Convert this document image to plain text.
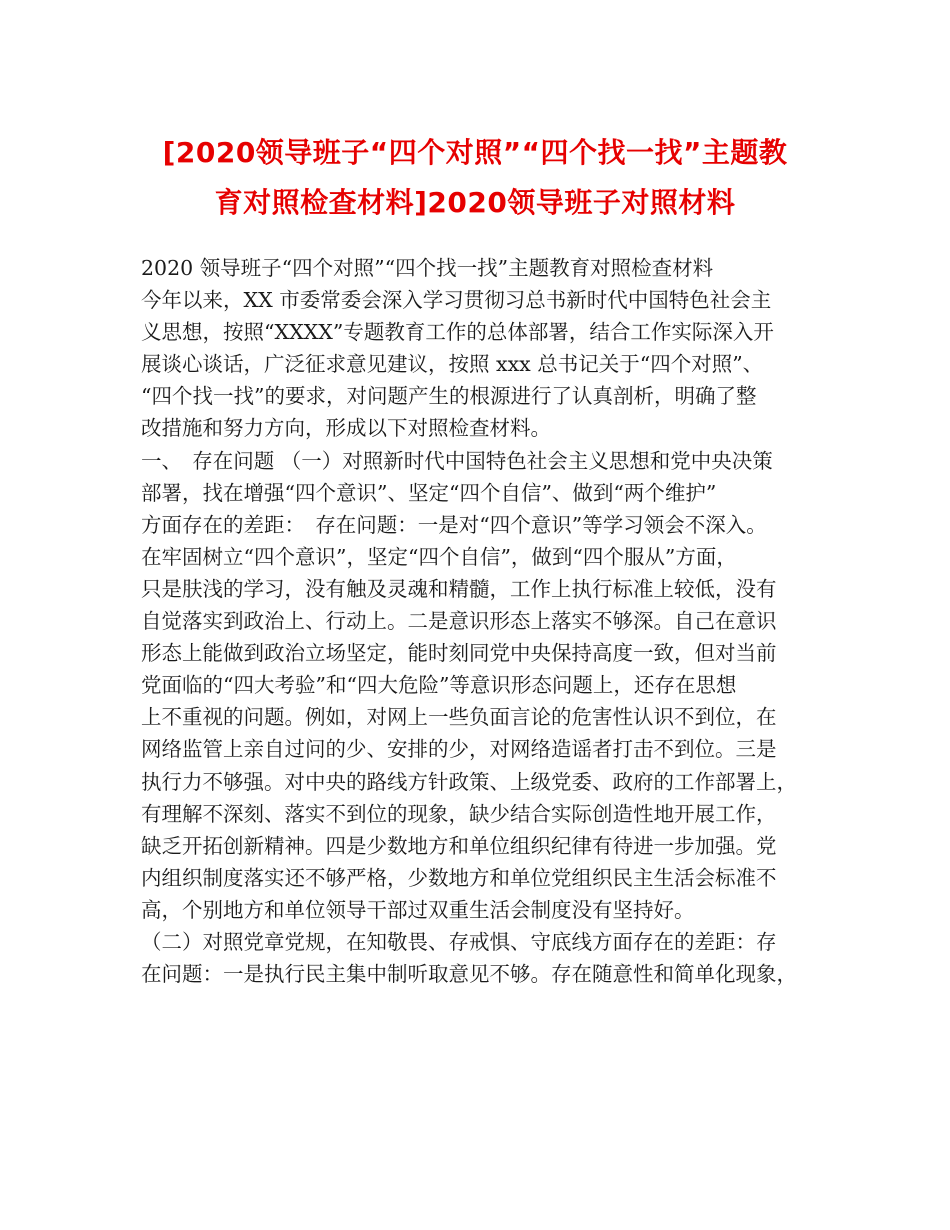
[2020领导班子“四个对照”“四个找一找”主题教
育对照检查材料]2020领导班子对照材料
2020 领导班子“四个对照”“四个找一找”主题教育对照检查材料
今年以来，XX 市委常委会深入学习贯彻习总书新时代中国特色社会主
义思想，按照“XXXX”专题教育工作的总体部署，结合工作实际深入开
展谈心谈话，广泛征求意见建议，按照 xxx 总书记关于“四个对照”、
“四个找一找”的要求，对问题产生的根源进行了认真剖析，明确了整
改措施和努力方向，形成以下对照检查材料。
一、　存在问题 （一）对照新时代中国特色社会主义思想和党中央决策
部署，找在增强“四个意识”、坚定“四个自信”、做到“两个维护”
方面存在的差距：　存在问题：一是对“四个意识”等学习领会不深入。
在牢固树立“四个意识”，坚定“四个自信”，做到“四个服从”方面，
只是肤浅的学习，没有触及灵魂和精髓，工作上执行标准上较低，没有
自觉落实到政治上、行动上。二是意识形态上落实不够深。自己在意识
形态上能做到政治立场坚定，能时刻同党中央保持高度一致，但对当前
党面临的“四大考验”和“四大危险”等意识形态问题上，还存在思想
上不重视的问题。例如，对网上一些负面言论的危害性认识不到位，在
网络监管上亲自过问的少、安排的少，对网络造谣者打击不到位。三是
执行力不够强。对中央的路线方针政策、上级党委、政府的工作部署上，
有理解不深刻、落实不到位的现象，缺少结合实际创造性地开展工作，
缺乏开拓创新精神。四是少数地方和单位组织纪律有待进一步加强。党
内组织制度落实还不够严格，少数地方和单位党组织民主生活会标准不
高，个别地方和单位领导干部过双重生活会制度没有坚持好。
（二）对照党章党规，在知敬畏、存戒惧、守底线方面存在的差距：存
在问题：一是执行民主集中制听取意见不够。存在随意性和简单化现象，
